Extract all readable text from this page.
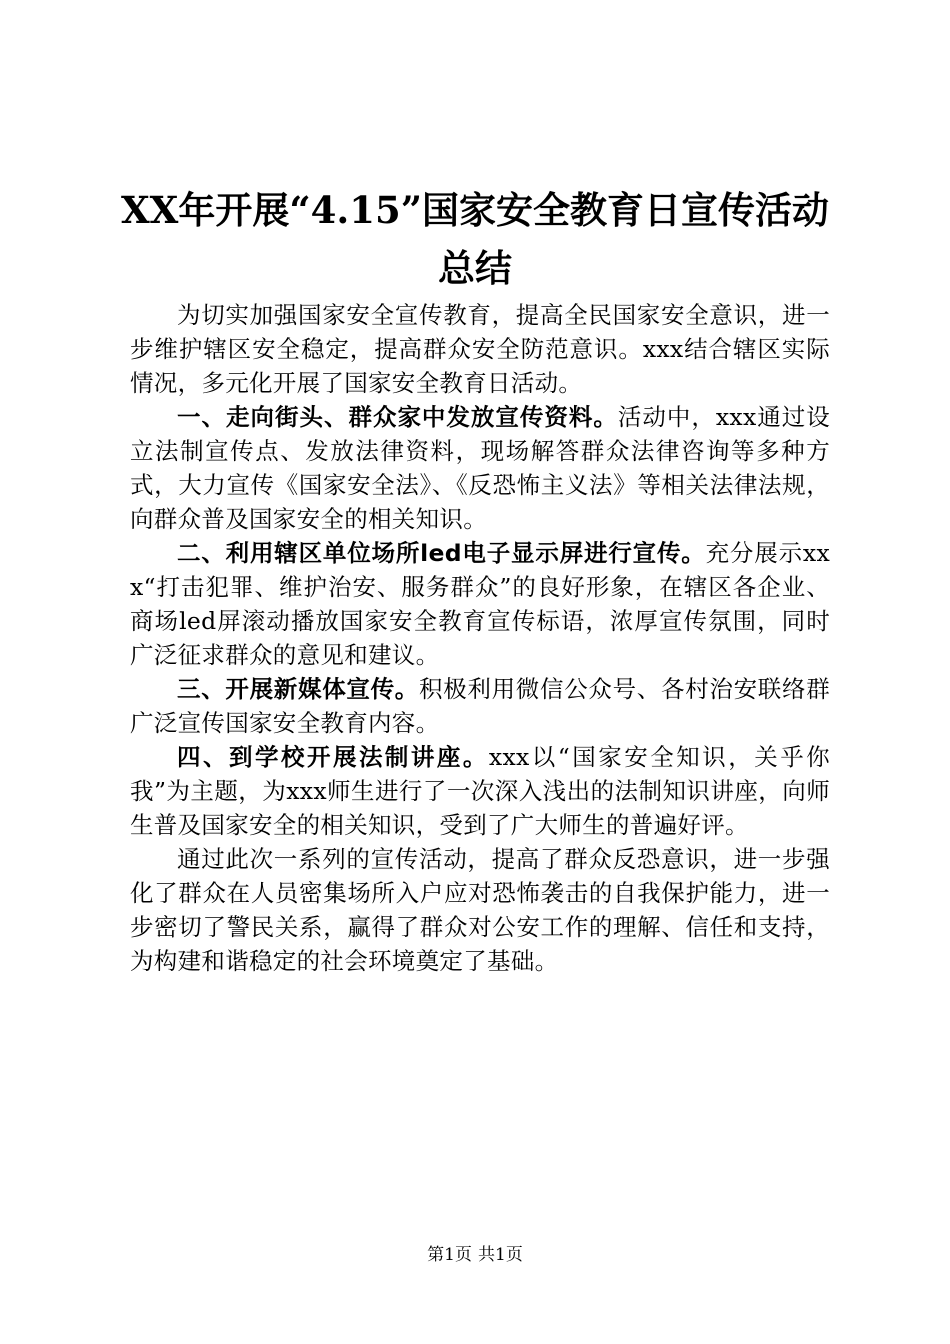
XX年开展“4.15”国家安全教育日宣传活动
总结

为切实加强国家安全宣传教育，提高全民国家安全意识，进一步维护辖区安全稳定，提高群众安全防范意识。xxx结合辖区实际情况，多元化开展了国家安全教育日活动。

一、走向街头、群众家中发放宣传资料。活动中，xxx通过设立法制宣传点、发放法律资料，现场解答群众法律咨询等多种方式，大力宣传《国家安全法》、《反恐怖主义法》等相关法律法规，向群众普及国家安全的相关知识。

二、利用辖区单位场所led电子显示屏进行宣传。充分展示xxx“打击犯罪、维护治安、服务群众”的良好形象，在辖区各企业、商场led屏滚动播放国家安全教育宣传标语，浓厚宣传氛围，同时广泛征求群众的意见和建议。

三、开展新媒体宣传。积极利用微信公众号、各村治安联络群广泛宣传国家安全教育内容。

四、到学校开展法制讲座。xxx以“国家安全知识，关乎你我”为主题，为xxx师生进行了一次深入浅出的法制知识讲座，向师生普及国家安全的相关知识，受到了广大师生的普遍好评。

通过此次一系列的宣传活动，提高了群众反恐意识，进一步强化了群众在人员密集场所入户应对恐怖袭击的自我保护能力，进一步密切了警民关系，赢得了群众对公安工作的理解、信任和支持，为构建和谐稳定的社会环境奠定了基础。

第1页 共1页
